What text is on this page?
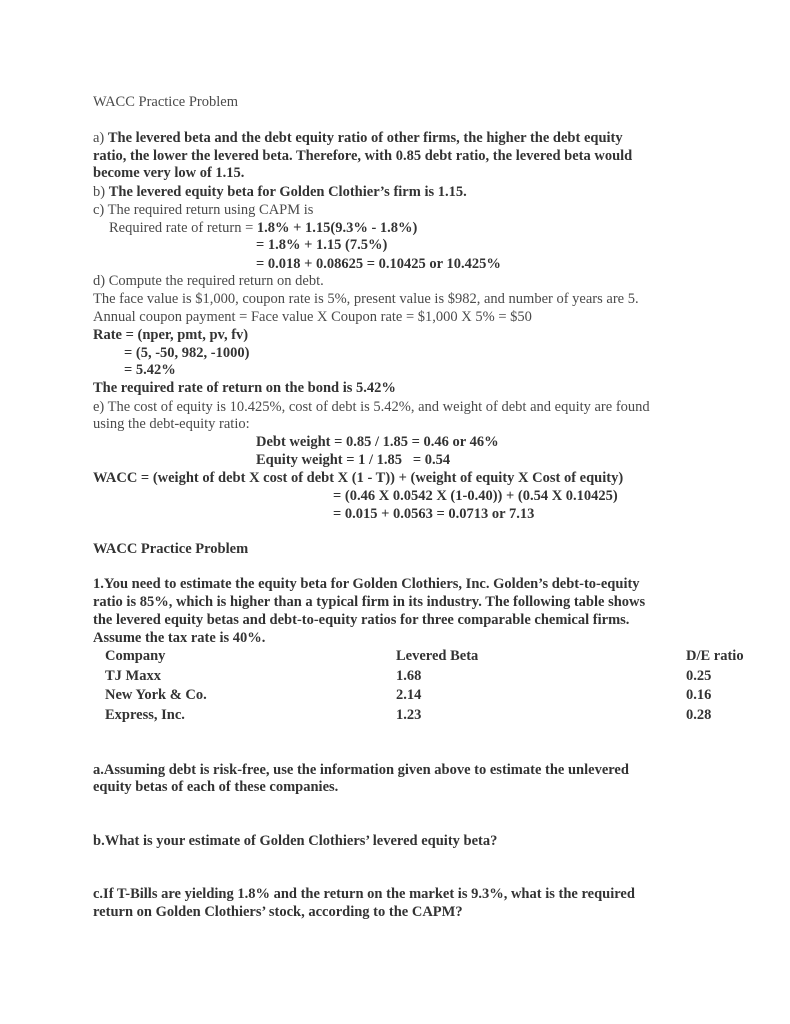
WACC Practice Problem
a) The levered beta and the debt equity ratio of other firms, the higher the debt equity
ratio, the lower the levered beta. Therefore, with 0.85 debt ratio, the levered beta would
become very low of 1.15.
b) The levered equity beta for Golden Clothier’s firm is 1.15.
c) The required return using CAPM is
Required rate of return = 1.8% + 1.15(9.3% - 1.8%)
= 1.8% + 1.15 (7.5%)
= 0.018 + 0.08625 = 0.10425 or 10.425%
d) Compute the required return on debt.
The face value is $1,000, coupon rate is 5%, present value is $982, and number of years are 5.
Annual coupon payment = Face value X Coupon rate = $1,000 X 5% = $50
Rate = (nper, pmt, pv, fv)
= (5, -50, 982, -1000)
= 5.42%
The required rate of return on the bond is 5.42%
e) The cost of equity is 10.425%, cost of debt is 5.42%, and weight of debt and equity are found
using the debt-equity ratio:
Debt weight = 0.85 / 1.85 = 0.46 or 46%
Equity weight = 1 / 1.85   = 0.54
WACC = (weight of debt X cost of debt X (1 - T)) + (weight of equity X Cost of equity)
= (0.46 X 0.0542 X (1-0.40)) + (0.54 X 0.10425)
= 0.015 + 0.0563 = 0.0713 or 7.13
WACC Practice Problem
1.You need to estimate the equity beta for Golden Clothiers, Inc. Golden’s debt-to-equity
ratio is 85%, which is higher than a typical firm in its industry. The following table shows
the levered equity betas and debt-to-equity ratios for three comparable chemical firms.
Assume the tax rate is 40%.
Company	Levered Beta	D/E ratio
TJ Maxx	1.68	0.25
New York & Co.	2.14	0.16
Express, Inc.	1.23	0.28
a.Assuming debt is risk-free, use the information given above to estimate the unlevered
equity betas of each of these companies.
b.What is your estimate of Golden Clothiers’ levered equity beta?
c.If T-Bills are yielding 1.8% and the return on the market is 9.3%, what is the required
return on Golden Clothiers’ stock, according to the CAPM?
